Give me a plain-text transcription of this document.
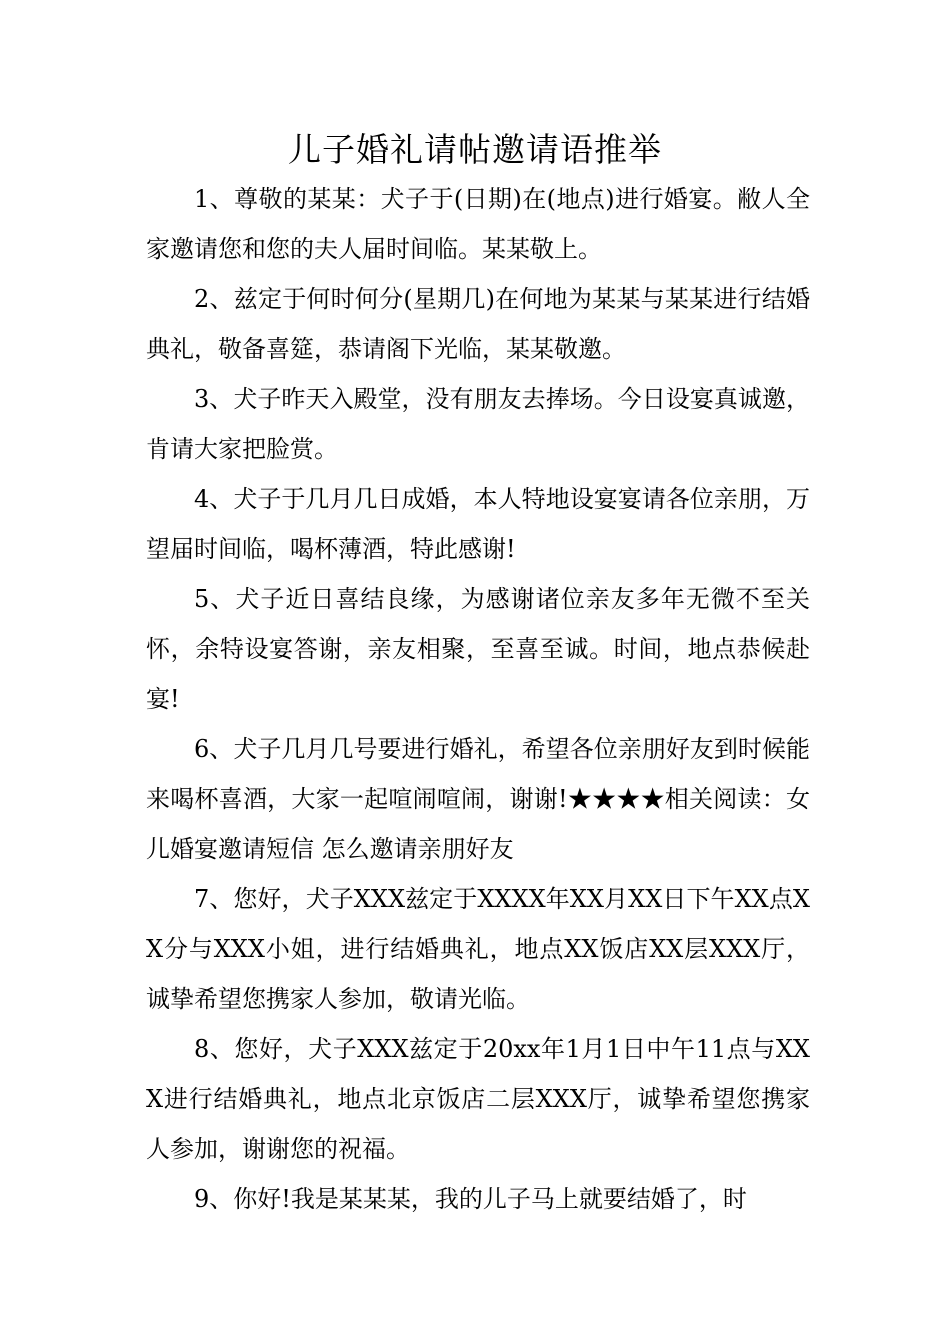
儿子婚礼请帖邀请语推举

1、尊敬的某某：犬子于(日期)在(地点)进行婚宴。敝人全家邀请您和您的夫人届时间临。某某敬上。

2、兹定于何时何分(星期几)在何地为某某与某某进行结婚典礼，敬备喜筵，恭请阁下光临，某某敬邀。

3、犬子昨天入殿堂，没有朋友去捧场。今日设宴真诚邀，肯请大家把脸赏。

4、犬子于几月几日成婚，本人特地设宴宴请各位亲朋，万望届时间临，喝杯薄酒，特此感谢!

5、犬子近日喜结良缘，为感谢诸位亲友多年无微不至关怀，余特设宴答谢，亲友相聚，至喜至诚。时间，地点恭候赴宴!

6、犬子几月几号要进行婚礼，希望各位亲朋好友到时候能来喝杯喜酒，大家一起喧闹喧闹，谢谢!★★★★相关阅读：女儿婚宴邀请短信 怎么邀请亲朋好友

7、您好，犬子XXX兹定于XXXX年XX月XX日下午XX点XX分与XXX小姐，进行结婚典礼，地点XX饭店XX层XXX厅，诚挚希望您携家人参加，敬请光临。

8、您好，犬子XXX兹定于20xx年1月1日中午11点与XXX进行结婚典礼，地点北京饭店二层XXX厅，诚挚希望您携家人参加，谢谢您的祝福。

9、你好!我是某某某，我的儿子马上就要结婚了，时
